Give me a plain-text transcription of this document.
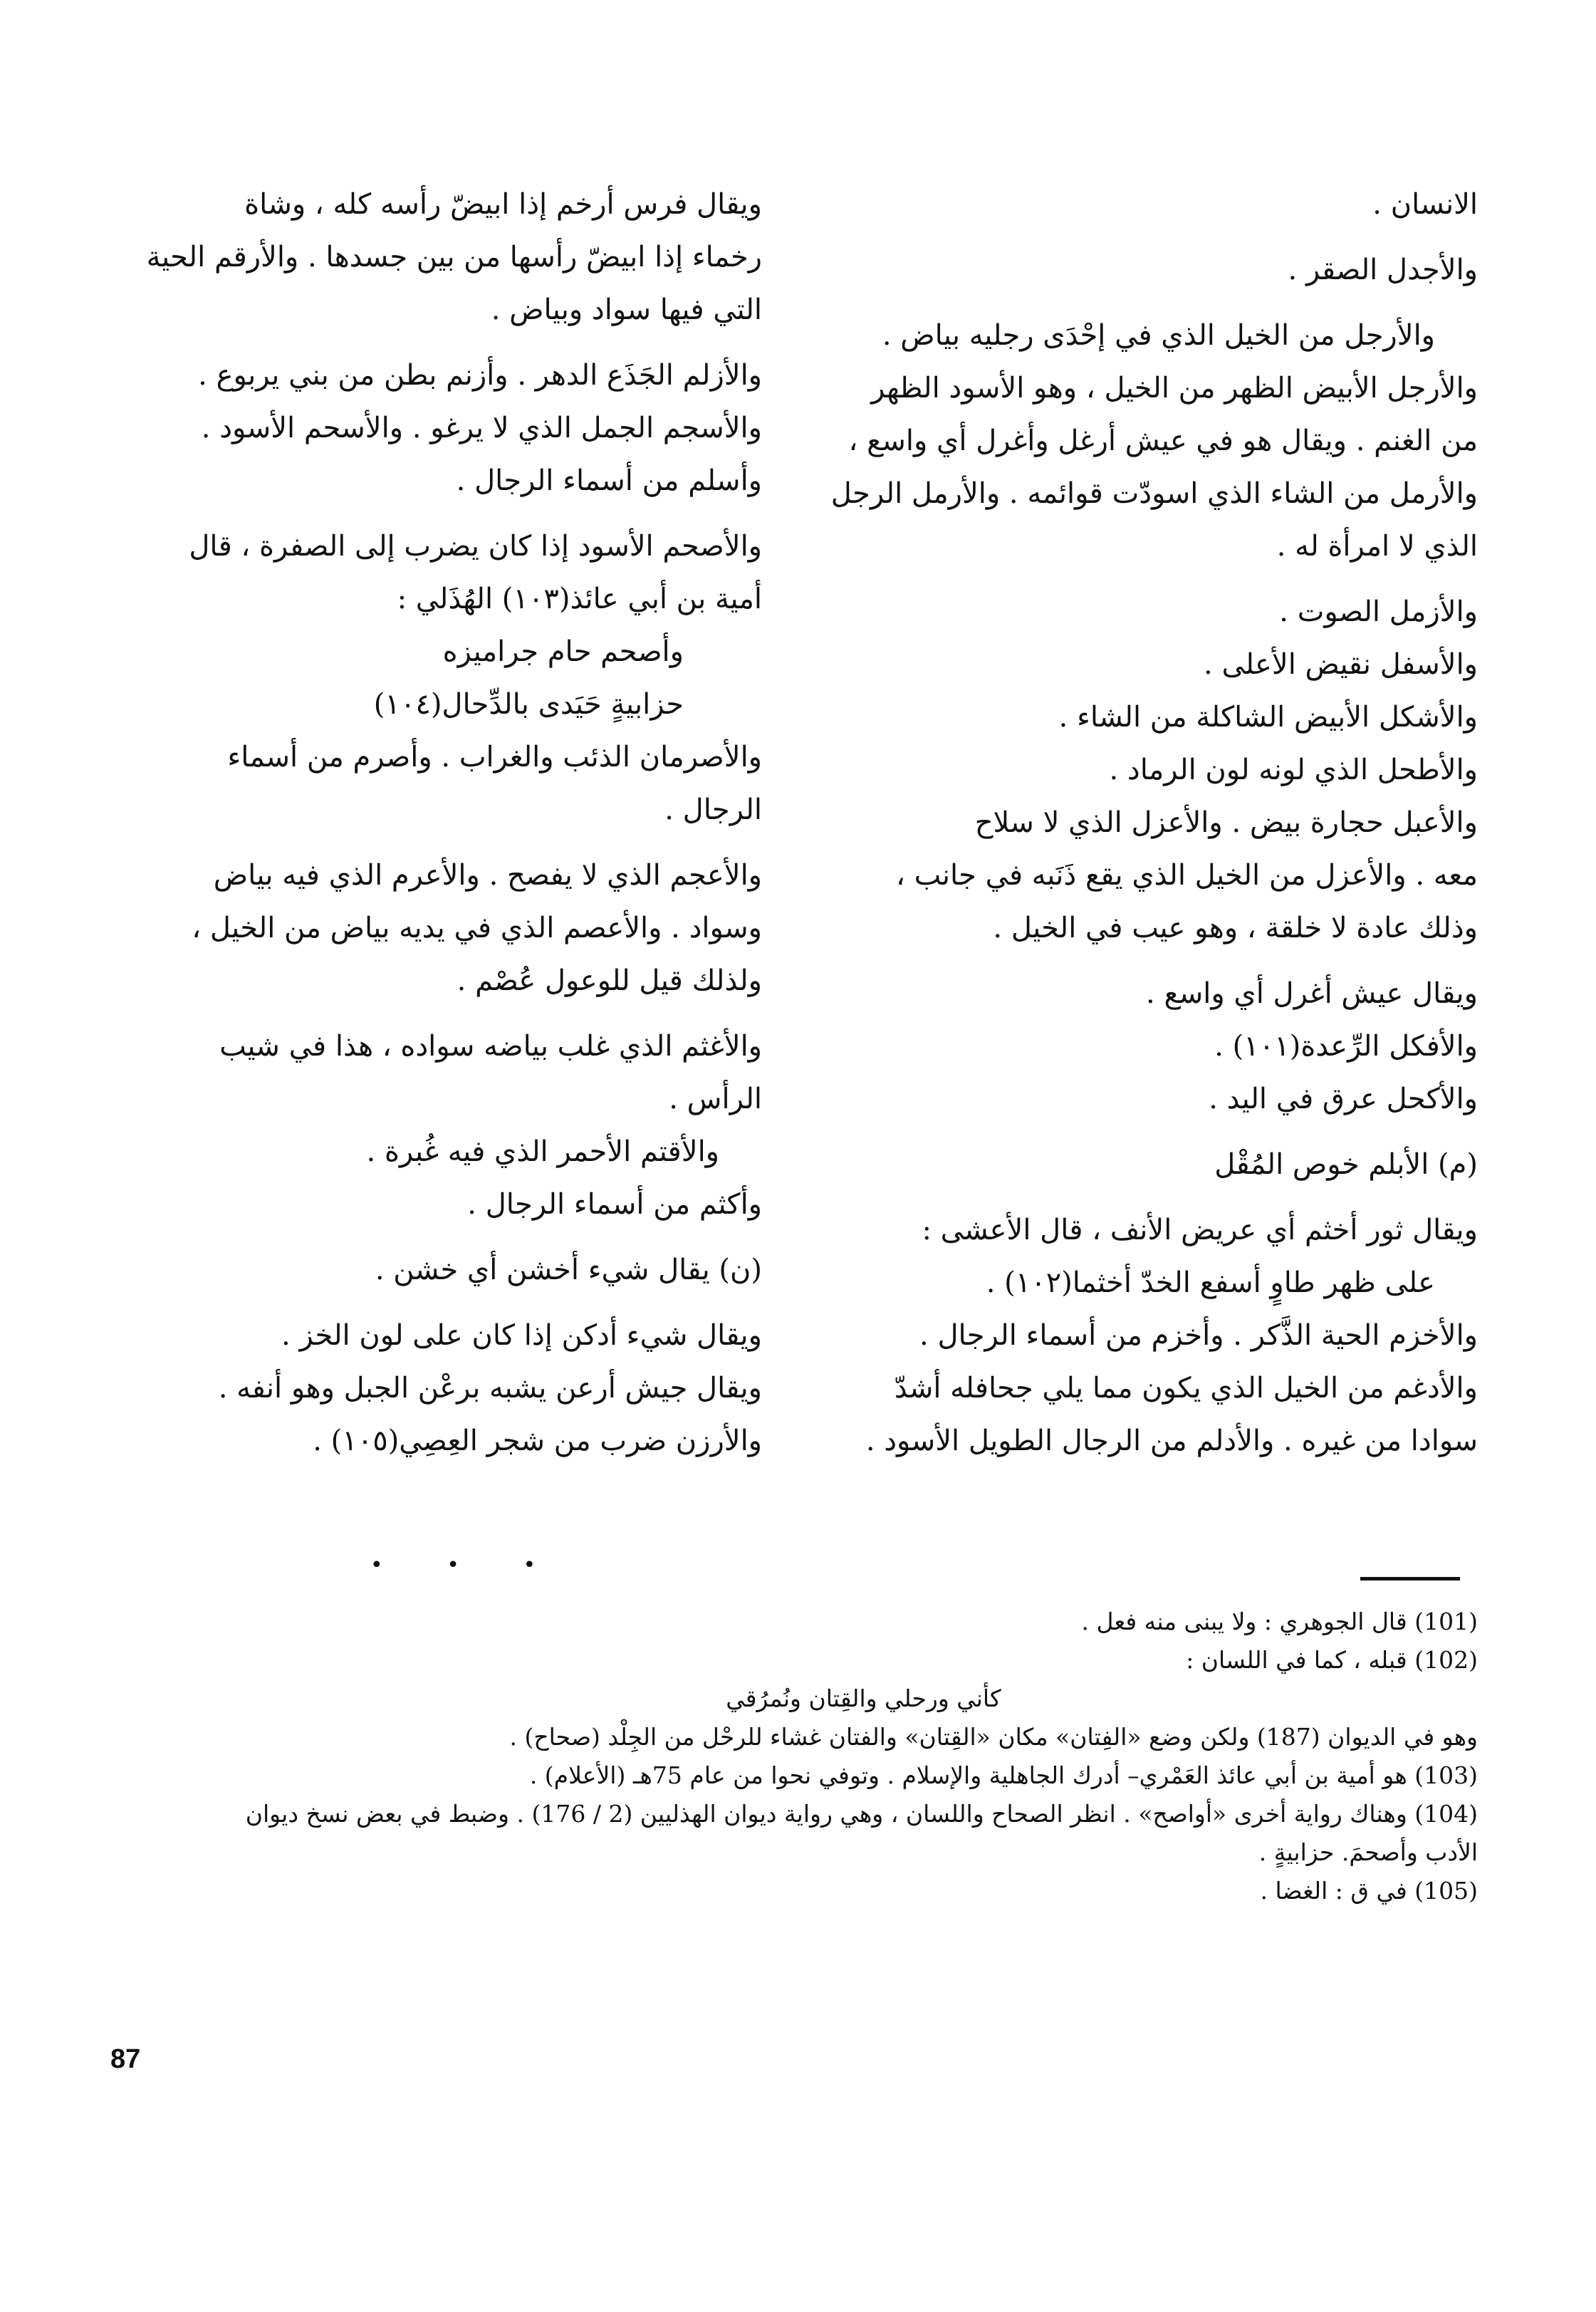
الانسان .
والأجدل الصقر .
والأرجل من الخيل الذي في إحْدَى رجليه بياض .
والأرجل الأبيض الظهر من الخيل ، وهو الأسود الظهر
من الغنم . ويقال هو في عيش أرغل وأغرل أي واسع ،
والأرمل من الشاء الذي اسودّت قوائمه . والأرمل الرجل
الذي لا امرأة له .
والأزمل الصوت .
والأسفل نقيض الأعلى .
والأشكل الأبيض الشاكلة من الشاء .
والأطحل الذي لونه لون الرماد .
والأعبل حجارة بيض . والأعزل الذي لا سلاح
معه . والأعزل من الخيل الذي يقع ذَنَبه في جانب ،
وذلك عادة لا خلقة ، وهو عيب في الخيل .
ويقال عيش أغرل أي واسع .
والأفكل الرِّعدة(١٠١) .
والأكحل عرق في اليد .
(م) الأبلم خوص المُقْل
ويقال ثور أخثم أي عريض الأنف ، قال الأعشى :
على ظهر طاوٍ أسفع الخدّ أخثما(١٠٢) .
والأخزم الحية الذَّكر . وأخزم من أسماء الرجال .
والأدغم من الخيل الذي يكون مما يلي جحافله أشدّ
سوادا من غيره . والأدلم من الرجال الطويل الأسود .
ويقال فرس أرخم إذا ابيضّ رأسه كله ، وشاة
رخماء إذا ابيضّ رأسها من بين جسدها . والأرقم الحية
التي فيها سواد وبياض .
والأزلم الجَذَع الدهر . وأزنم بطن من بني يربوع .
والأسجم الجمل الذي لا يرغو . والأسحم الأسود .
وأسلم من أسماء الرجال .
والأصحم الأسود إذا كان يضرب إلى الصفرة ، قال
أمية بن أبي عائذ(١٠٣) الهُذَلي :
وأصحم حام جراميزه
حزابيةٍ حَيَدى بالدِّحال(١٠٤)
والأصرمان الذئب والغراب . وأصرم من أسماء
الرجال .
والأعجم الذي لا يفصح . والأعرم الذي فيه بياض
وسواد . والأعصم الذي في يديه بياض من الخيل ،
ولذلك قيل للوعول عُصْم .
والأغثم الذي غلب بياضه سواده ، هذا في شيب
الرأس .
والأقتم الأحمر الذي فيه غُبرة .
وأكثم من أسماء الرجال .
(ن) يقال شيء أخشن أي خشن .
ويقال شيء أدكن إذا كان على لون الخز .
ويقال جيش أرعن يشبه برعْن الجبل وهو أنفه .
والأرزن ضرب من شجر العِصِي(١٠٥) .
• • •
(101) قال الجوهري : ولا يبنى منه فعل .
(102) قبله ، كما في اللسان :
كأني ورحلي والقِتان ونُمرُقي
وهو في الديوان (187) ولكن وضع «الفِتان» مكان «القِتان» والفتان غشاء للرحْل من الجِلْد (صحاح) .
(103) هو أمية بن أبي عائذ العَمْري– أدرك الجاهلية والإسلام . وتوفي نحوا من عام 75هـ (الأعلام) .
(104) وهناك رواية أخرى «أواصح» . انظر الصحاح واللسان ، وهي رواية ديوان الهذليين (2 / 176) . وضبط في بعض نسخ ديوان
الأدب وأصحمَ. حزابيةٍ .
(105) في ق : الغضا .
87
